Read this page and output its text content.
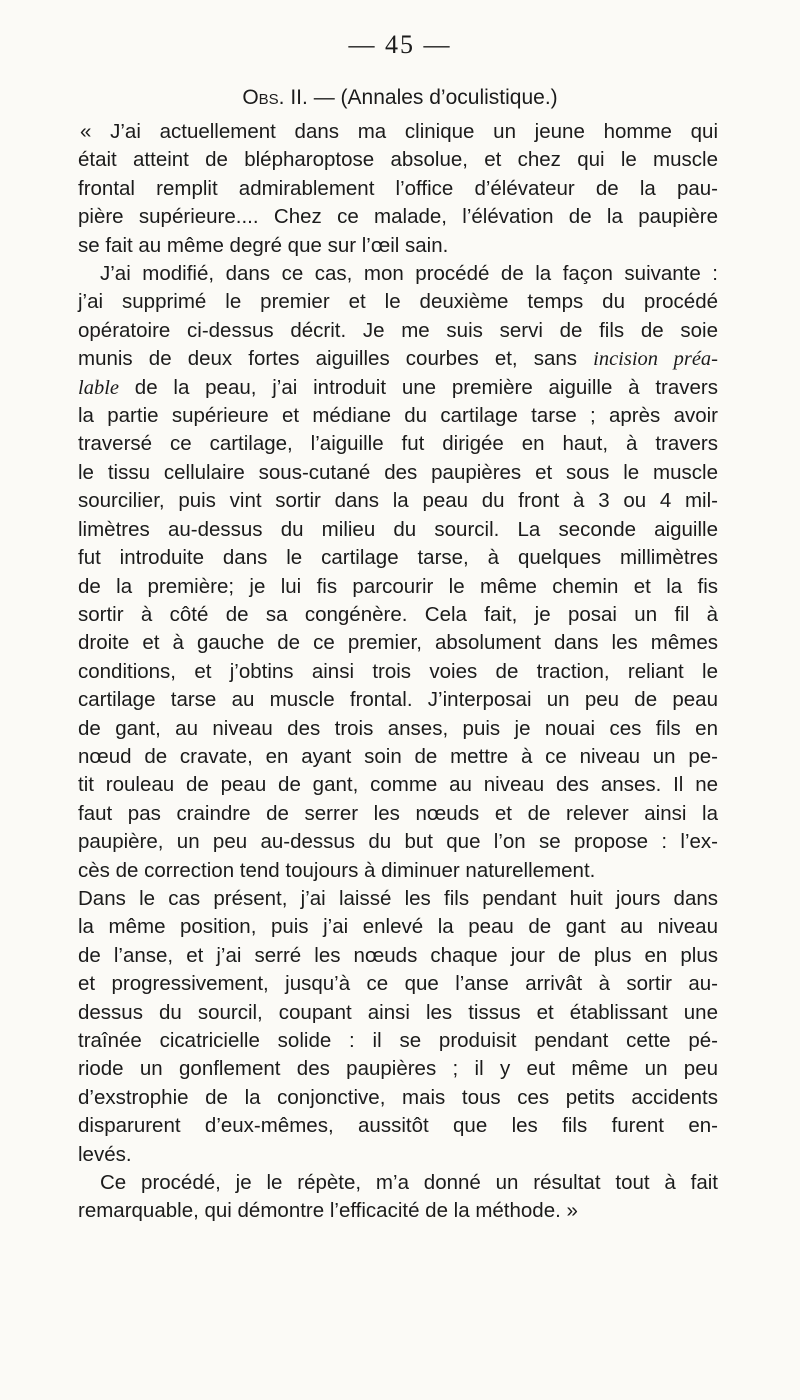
— 45 —
Obs. II. — (Annales d’oculistique.)

« J’ai actuellement dans ma clinique un jeune homme qui
était atteint de blépharoptose absolue, et chez qui le muscle
frontal remplit admirablement l’office d’élévateur de la pau-
pière supérieure.... Chez ce malade, l’élévation de la paupière
se fait au même degré que sur l’œil sain.

J’ai modifié, dans ce cas, mon procédé de la façon suivante :
j’ai supprimé le premier et le deuxième temps du procédé
opératoire ci-dessus décrit. Je me suis servi de fils de soie
munis de deux fortes aiguilles courbes et, sans incision préa-
lable de la peau, j’ai introduit une première aiguille à travers
la partie supérieure et médiane du cartilage tarse ; après avoir
traversé ce cartilage, l’aiguille fut dirigée en haut, à travers
le tissu cellulaire sous-cutané des paupières et sous le muscle
sourcilier, puis vint sortir dans la peau du front à 3 ou 4 mil-
limètres au-dessus du milieu du sourcil. La seconde aiguille
fut introduite dans le cartilage tarse, à quelques millimètres
de la première; je lui fis parcourir le même chemin et la fis
sortir à côté de sa congénère. Cela fait, je posai un fil à
droite et à gauche de ce premier, absolument dans les mêmes
conditions, et j’obtins ainsi trois voies de traction, reliant le
cartilage tarse au muscle frontal. J’interposai un peu de peau
de gant, au niveau des trois anses, puis je nouai ces fils en
nœud de cravate, en ayant soin de mettre à ce niveau un pe-
tit rouleau de peau de gant, comme au niveau des anses. Il ne
faut pas craindre de serrer les nœuds et de relever ainsi la
paupière, un peu au-dessus du but que l’on se propose : l’ex-
cès de correction tend toujours à diminuer naturellement.
Dans le cas présent, j’ai laissé les fils pendant huit jours dans
la même position, puis j’ai enlevé la peau de gant au niveau
de l’anse, et j’ai serré les nœuds chaque jour de plus en plus
et progressivement, jusqu’à ce que l’anse arrivât à sortir au-
dessus du sourcil, coupant ainsi les tissus et établissant une
traînée cicatricielle solide : il se produisit pendant cette pé-
riode un gonflement des paupières ; il y eut même un peu
d’exstrophie de la conjonctive, mais tous ces petits accidents
disparurent d’eux-mêmes, aussitôt que les fils furent en-
levés.

Ce procédé, je le répète, m’a donné un résultat tout à fait
remarquable, qui démontre l’efficacité de la méthode. »
